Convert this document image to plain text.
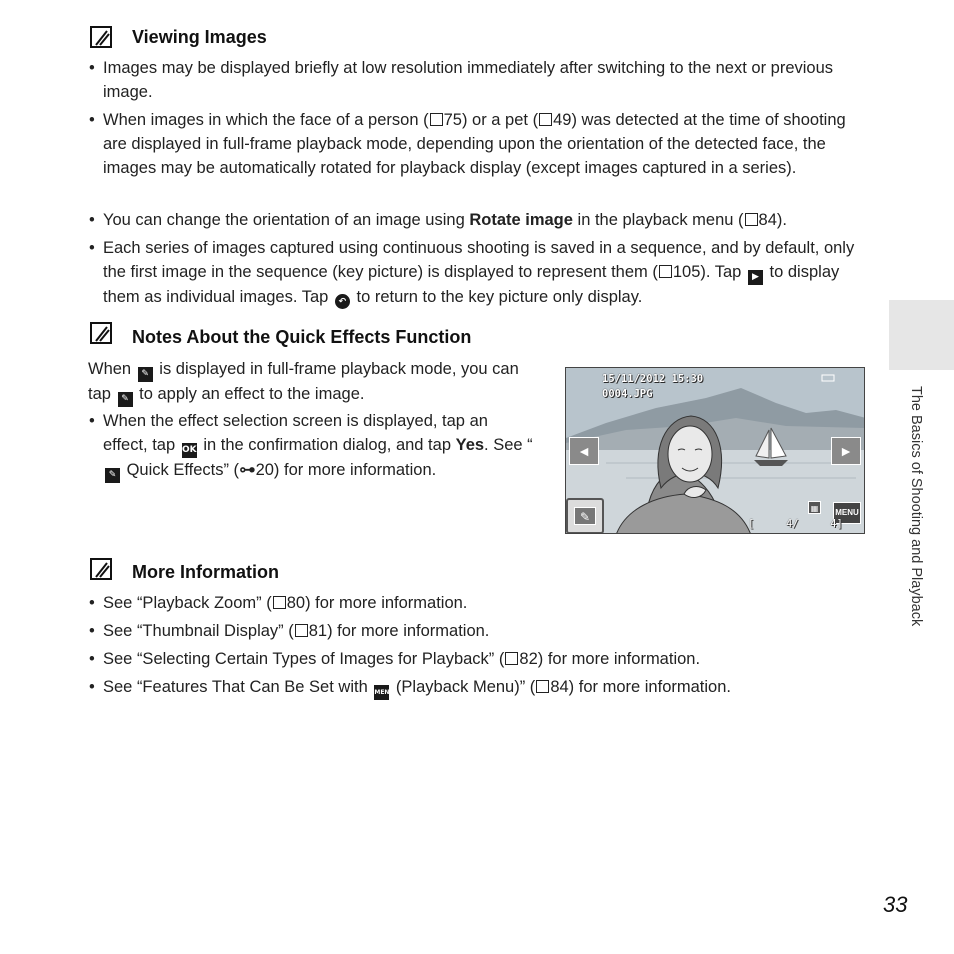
Viewing Images
• Images may be displayed briefly at low resolution immediately after switching to the next or previous image.
• When images in which the face of a person ( 75) or a pet ( 49) was detected at the time of shooting are displayed in full-frame playback mode, depending upon the orientation of the detected face, the images may be automatically rotated for playback display (except images captured in a series).
• You can change the orientation of an image using Rotate image in the playback menu ( 84).
• Each series of images captured using continuous shooting is saved in a sequence, and by default, only the first image in the sequence (key picture) is displayed to represent them ( 105). Tap ▶ to display them as individual images. Tap ↶ to return to the key picture only display.
Notes About the Quick Effects Function
When ✎ is displayed in full-frame playback mode, you can tap ✎ to apply an effect to the image.
• When the effect selection screen is displayed, tap an effect, tap OK in the confirmation dialog, and tap Yes. See “✎ Quick Effects” (⊶20) for more information.
15/11/2012 15:30
0004.JPG
◄	►
✎
▦	MENU
[     4/	4]
More Information
• See “Playback Zoom” ( 80) for more information.
• See “Thumbnail Display” ( 81) for more information.
• See “Selecting Certain Types of Images for Playback” ( 82) for more information.
• See “Features That Can Be Set with MENU (Playback Menu)” ( 84) for more information.
The Basics of Shooting and Playback
33
